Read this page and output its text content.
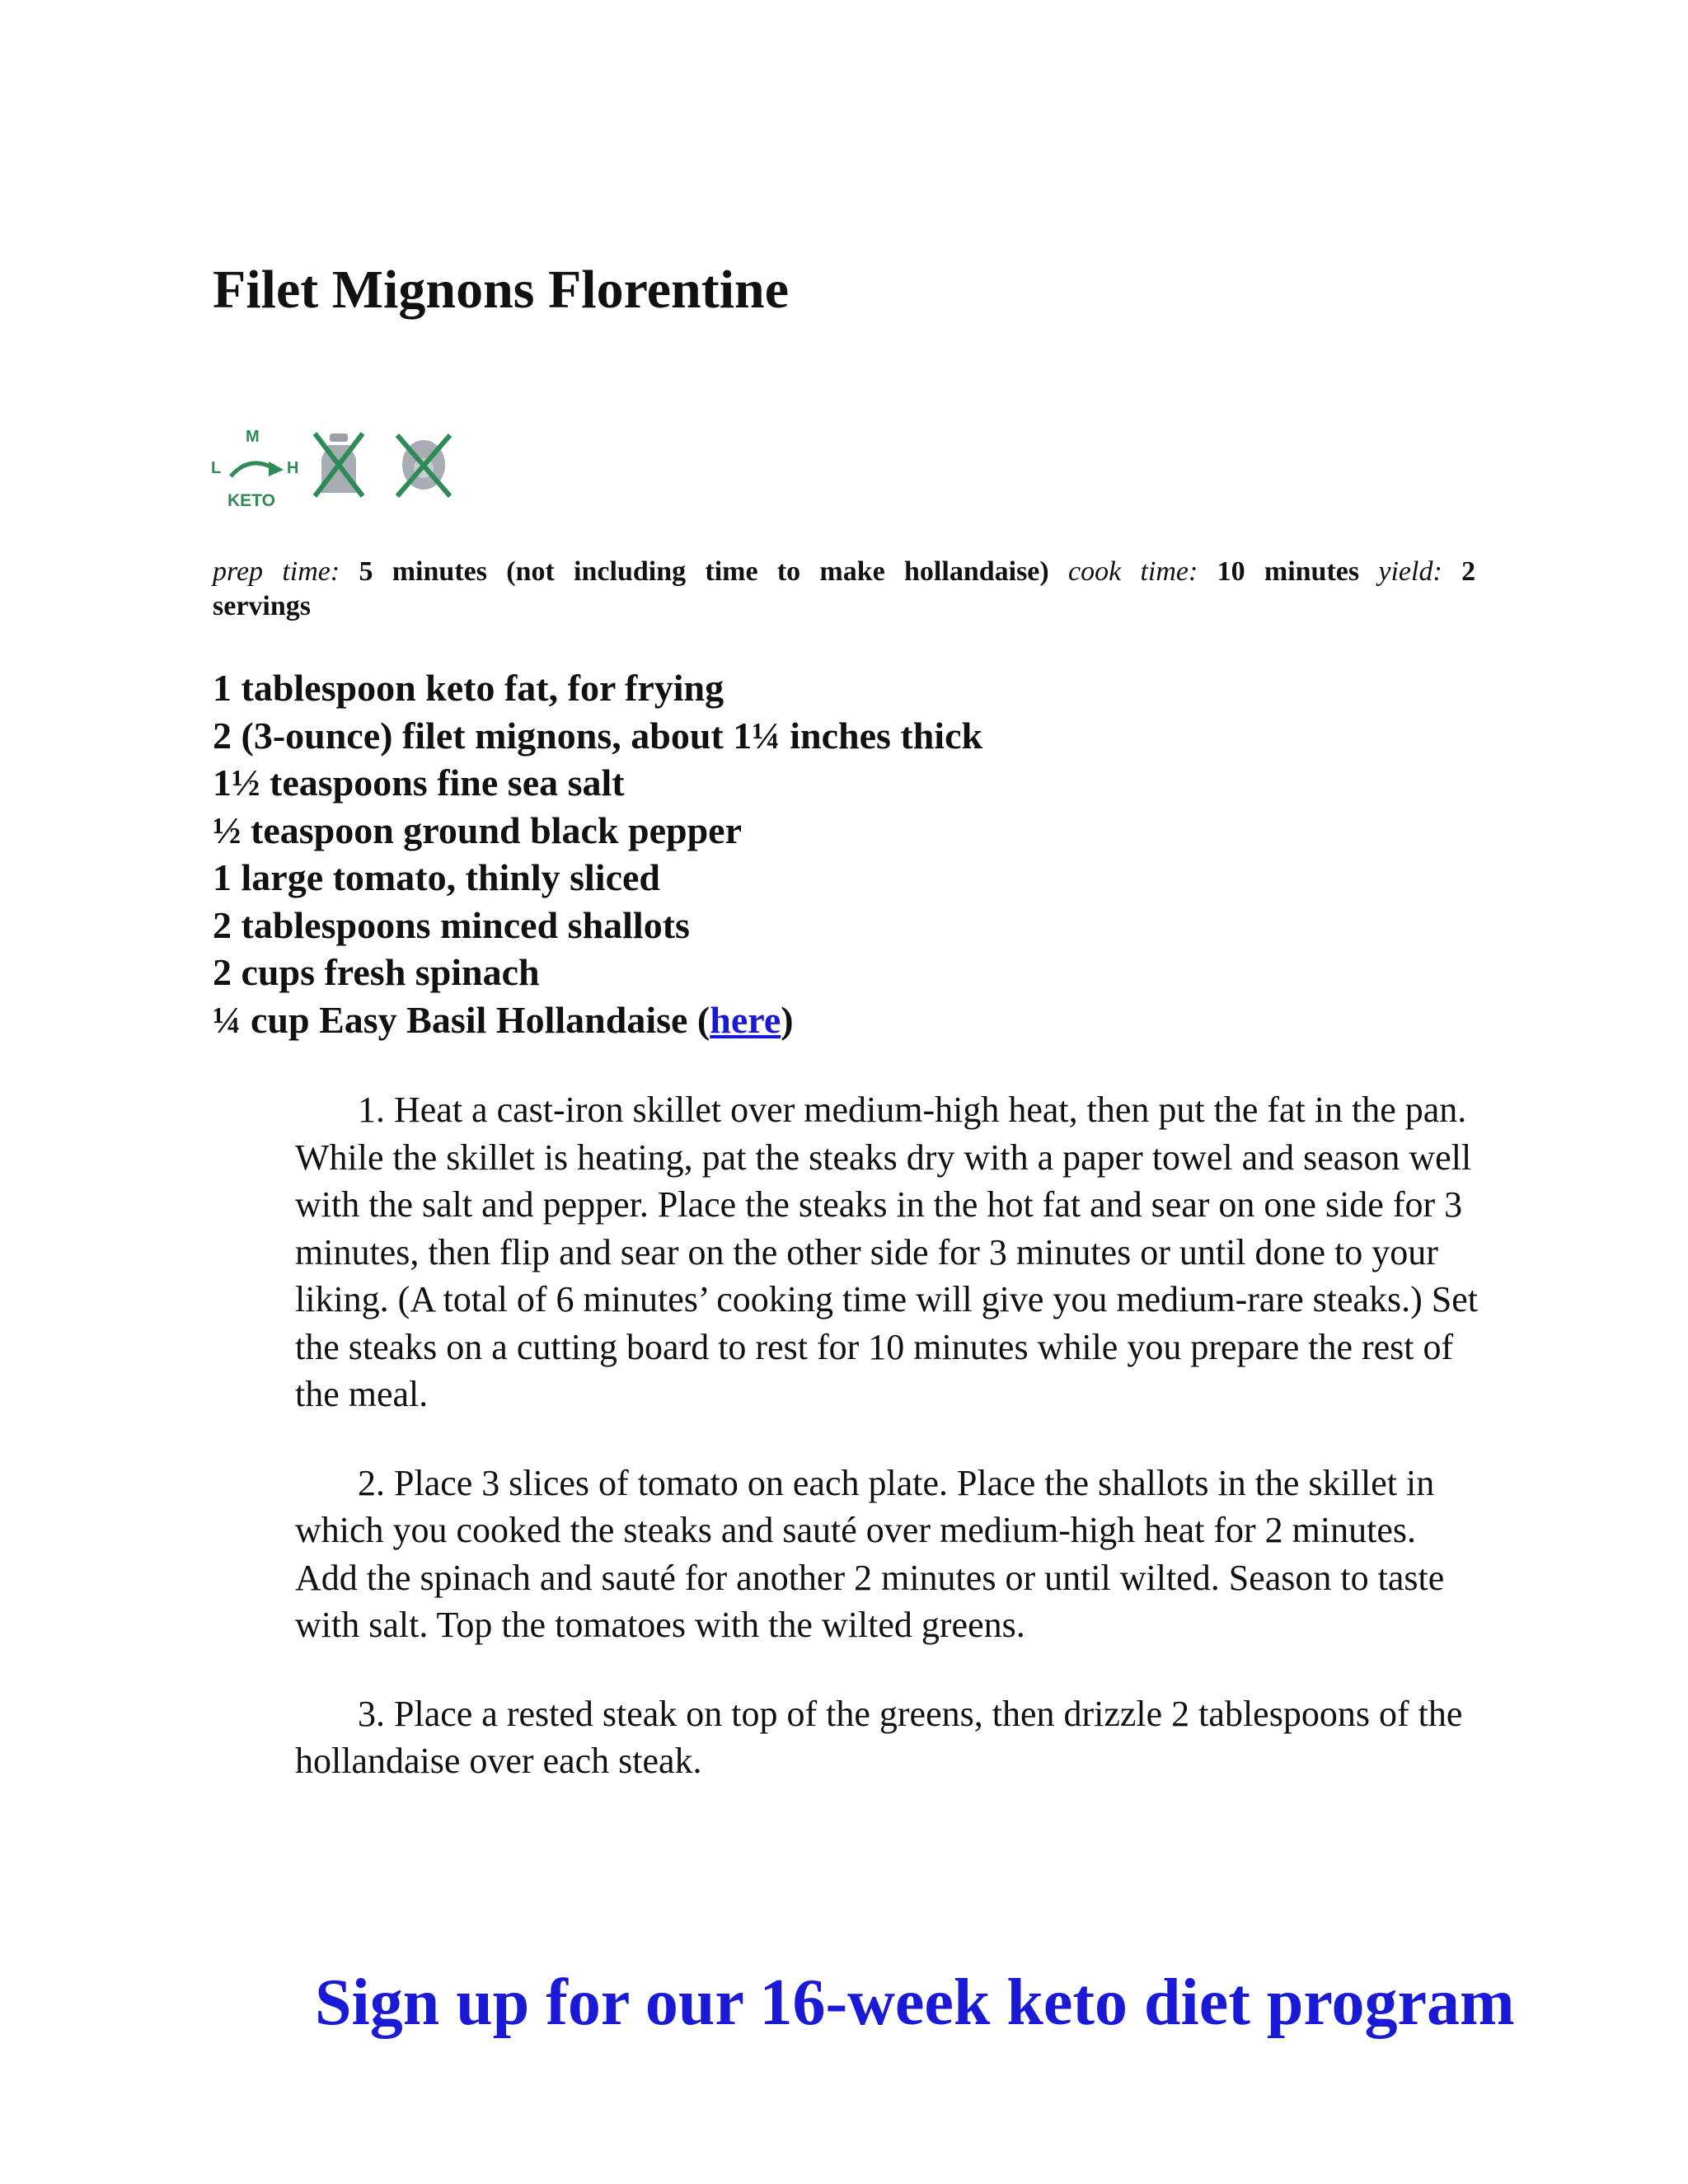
Filet Mignons Florentine
M
L	H
KETO
prep time: 5 minutes (not including time to make hollandaise) cook time: 10 minutes yield: 2
servings
1 tablespoon keto fat, for frying
2 (3-ounce) filet mignons, about 1¼ inches thick
1½ teaspoons fine sea salt
½ teaspoon ground black pepper
1 large tomato, thinly sliced
2 tablespoons minced shallots
2 cups fresh spinach
¼ cup Easy Basil Hollandaise (here)
1. Heat a cast-iron skillet over medium-high heat, then put the fat in the pan. While the skillet is heating, pat the steaks dry with a paper towel and season well with the salt and pepper. Place the steaks in the hot fat and sear on one side for 3 minutes, then flip and sear on the other side for 3 minutes or until done to your liking. (A total of 6 minutes’ cooking time will give you medium-rare steaks.) Set the steaks on a cutting board to rest for 10 minutes while you prepare the rest of the meal.
2. Place 3 slices of tomato on each plate. Place the shallots in the skillet in which you cooked the steaks and sauté over medium-high heat for 2 minutes. Add the spinach and sauté for another 2 minutes or until wilted. Season to taste with salt. Top the tomatoes with the wilted greens.
3. Place a rested steak on top of the greens, then drizzle 2 tablespoons of the hollandaise over each steak.
Sign up for our 16-week keto diet program
